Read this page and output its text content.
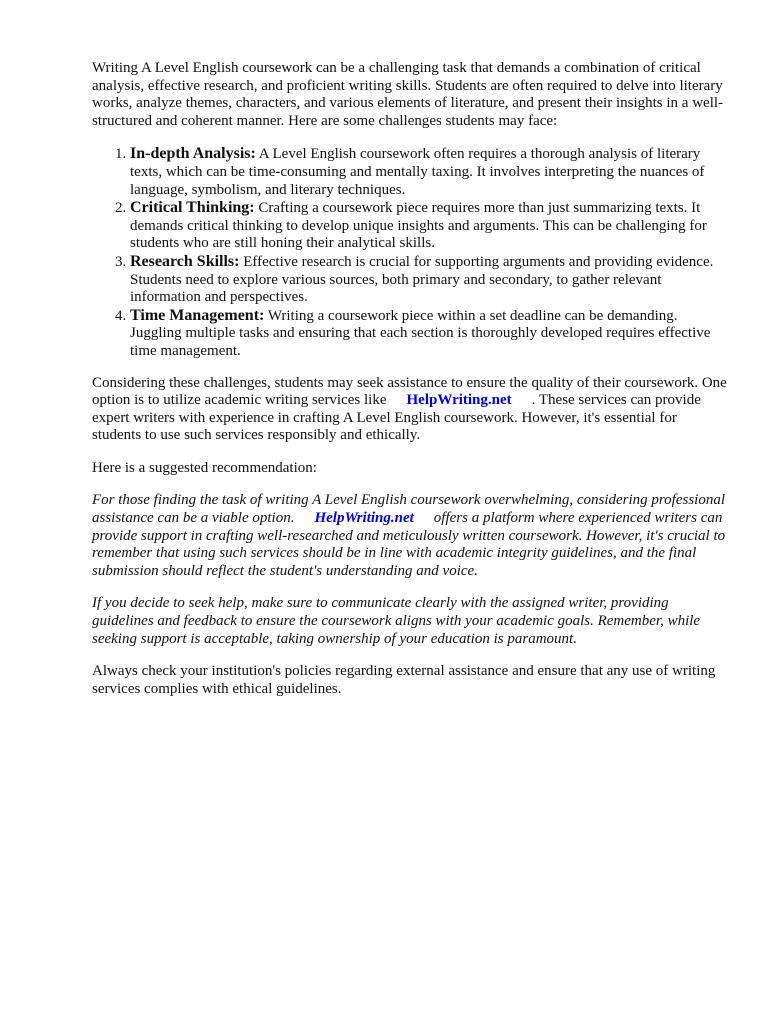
Writing A Level English coursework can be a challenging task that demands a combination of critical analysis, effective research, and proficient writing skills. Students are often required to delve into literary works, analyze themes, characters, and various elements of literature, and present their insights in a well-structured and coherent manner. Here are some challenges students may face:

1. In-depth Analysis: A Level English coursework often requires a thorough analysis of literary texts, which can be time-consuming and mentally taxing. It involves interpreting the nuances of language, symbolism, and literary techniques.
2. Critical Thinking: Crafting a coursework piece requires more than just summarizing texts. It demands critical thinking to develop unique insights and arguments. This can be challenging for students who are still honing their analytical skills.
3. Research Skills: Effective research is crucial for supporting arguments and providing evidence. Students need to explore various sources, both primary and secondary, to gather relevant information and perspectives.
4. Time Management: Writing a coursework piece within a set deadline can be demanding. Juggling multiple tasks and ensuring that each section is thoroughly developed requires effective time management.

Considering these challenges, students may seek assistance to ensure the quality of their coursework. One option is to utilize academic writing services like HelpWriting.net . These services can provide expert writers with experience in crafting A Level English coursework. However, it's essential for students to use such services responsibly and ethically.

Here is a suggested recommendation:

For those finding the task of writing A Level English coursework overwhelming, considering professional assistance can be a viable option. HelpWriting.net offers a platform where experienced writers can provide support in crafting well-researched and meticulously written coursework. However, it's crucial to remember that using such services should be in line with academic integrity guidelines, and the final submission should reflect the student's understanding and voice.

If you decide to seek help, make sure to communicate clearly with the assigned writer, providing guidelines and feedback to ensure the coursework aligns with your academic goals. Remember, while seeking support is acceptable, taking ownership of your education is paramount.

Always check your institution's policies regarding external assistance and ensure that any use of writing services complies with ethical guidelines.
